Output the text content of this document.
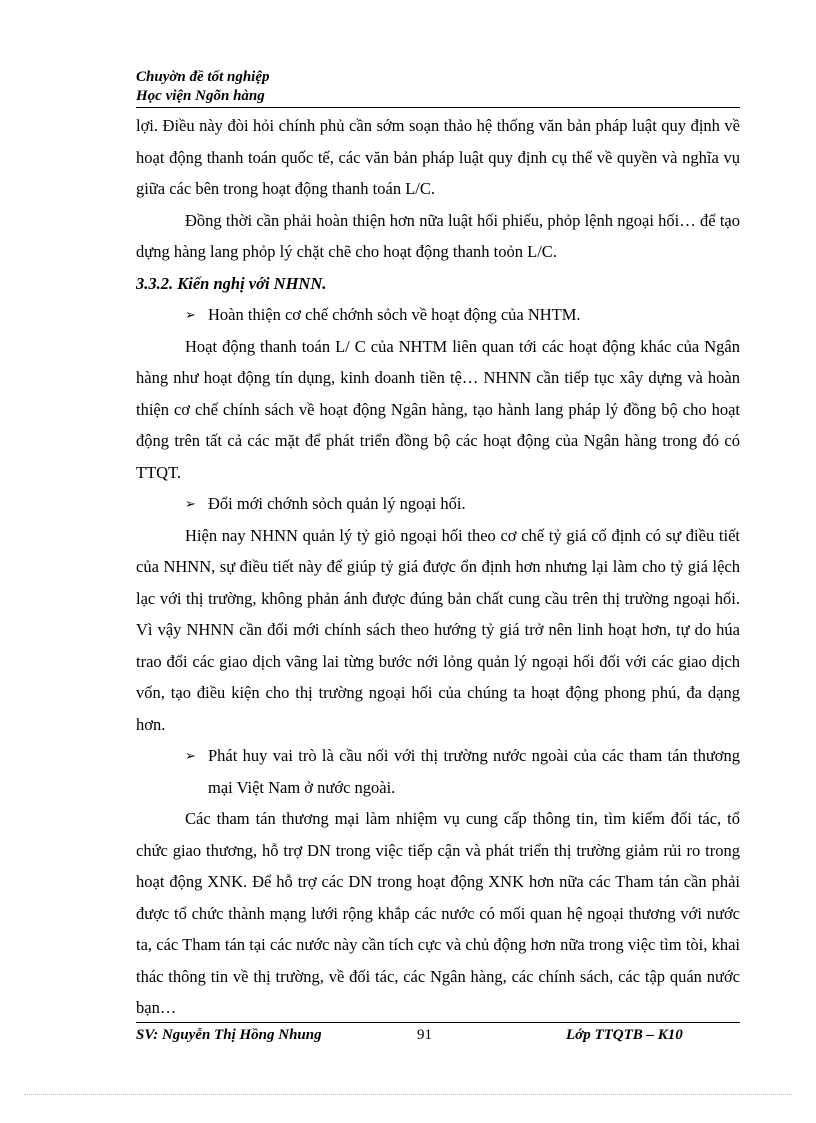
Chuyờn đề tốt nghiệp
Học viện Ngõn hàng

lợi. Điều này đòi hỏi chính phủ cần sớm soạn thảo hệ thống văn bản pháp luật quy định về hoạt động thanh toán quốc tế, các văn bản pháp luật quy định cụ thể về quyền và nghĩa vụ giữa các bên trong hoạt động thanh toán L/C.

Đồng thời cần phải hoàn thiện hơn nữa luật hối phiếu, phỏp lệnh ngoại hối… để tạo dựng hàng lang phỏp lý chặt chẽ cho hoạt động thanh toỏn L/C.

3.3.2. Kiến nghị với NHNN.

➢ Hoàn thiện cơ chế chớnh sỏch về hoạt động của NHTM.

Hoạt động thanh toán L/ C của NHTM liên quan tới các hoạt động khác của Ngân hàng như hoạt động tín dụng, kinh doanh tiền tệ… NHNN cần tiếp tục xây dựng và hoàn thiện cơ chế chính sách về hoạt động Ngân hàng, tạo hành lang pháp lý đồng bộ cho hoạt động trên tất cả các mặt để phát triển đồng bộ các hoạt động của Ngân hàng trong đó có TTQT.

➢ Đổi mới chớnh sỏch quản lý ngoại hối.

Hiện nay NHNN quản lý tỷ giỏ ngoại hối theo cơ chế tỷ giá cố định có sự điều tiết của NHNN, sự điều tiết này để giúp tỷ giá được ổn định hơn nhưng lại làm cho tỷ giá lệch lạc với thị trường, không phản ánh được đúng bản chất cung cầu trên thị trường ngoại hối. Vì vậy NHNN cần đổi mới chính sách theo hướng tỷ giá trở nên linh hoạt hơn, tự do húa trao đổi các giao dịch vãng lai từng bước nới lỏng quản lý ngoại hối đối với các giao dịch vốn, tạo điều kiện cho thị trường ngoại hối của chúng ta hoạt động phong phú, đa dạng hơn.

➢ Phát huy vai trò là cầu nối với thị trường nước ngoài của các tham tán thương mại Việt Nam ở nước ngoài.

Các tham tán thương mại làm nhiệm vụ cung cấp thông tin, tìm kiếm đối tác, tổ chức giao thương, hỗ trợ DN trong việc tiếp cận và phát triển thị trường giảm rủi ro trong hoạt động XNK. Để hỗ trợ các DN trong hoạt động XNK hơn nữa các Tham tán cần phải được tổ chức thành mạng lưới rộng khắp các nước có mối quan hệ ngoại thương với nước ta, các Tham tán tại các nước này cần tích cực và chủ động hơn nữa trong việc tìm tòi, khai thác thông tin về thị trường, về đối tác, các Ngân hàng, các chính sách, các tập quán nước bạn…

SV: Nguyễn Thị Hồng Nhung	91	Lớp TTQTB – K10
